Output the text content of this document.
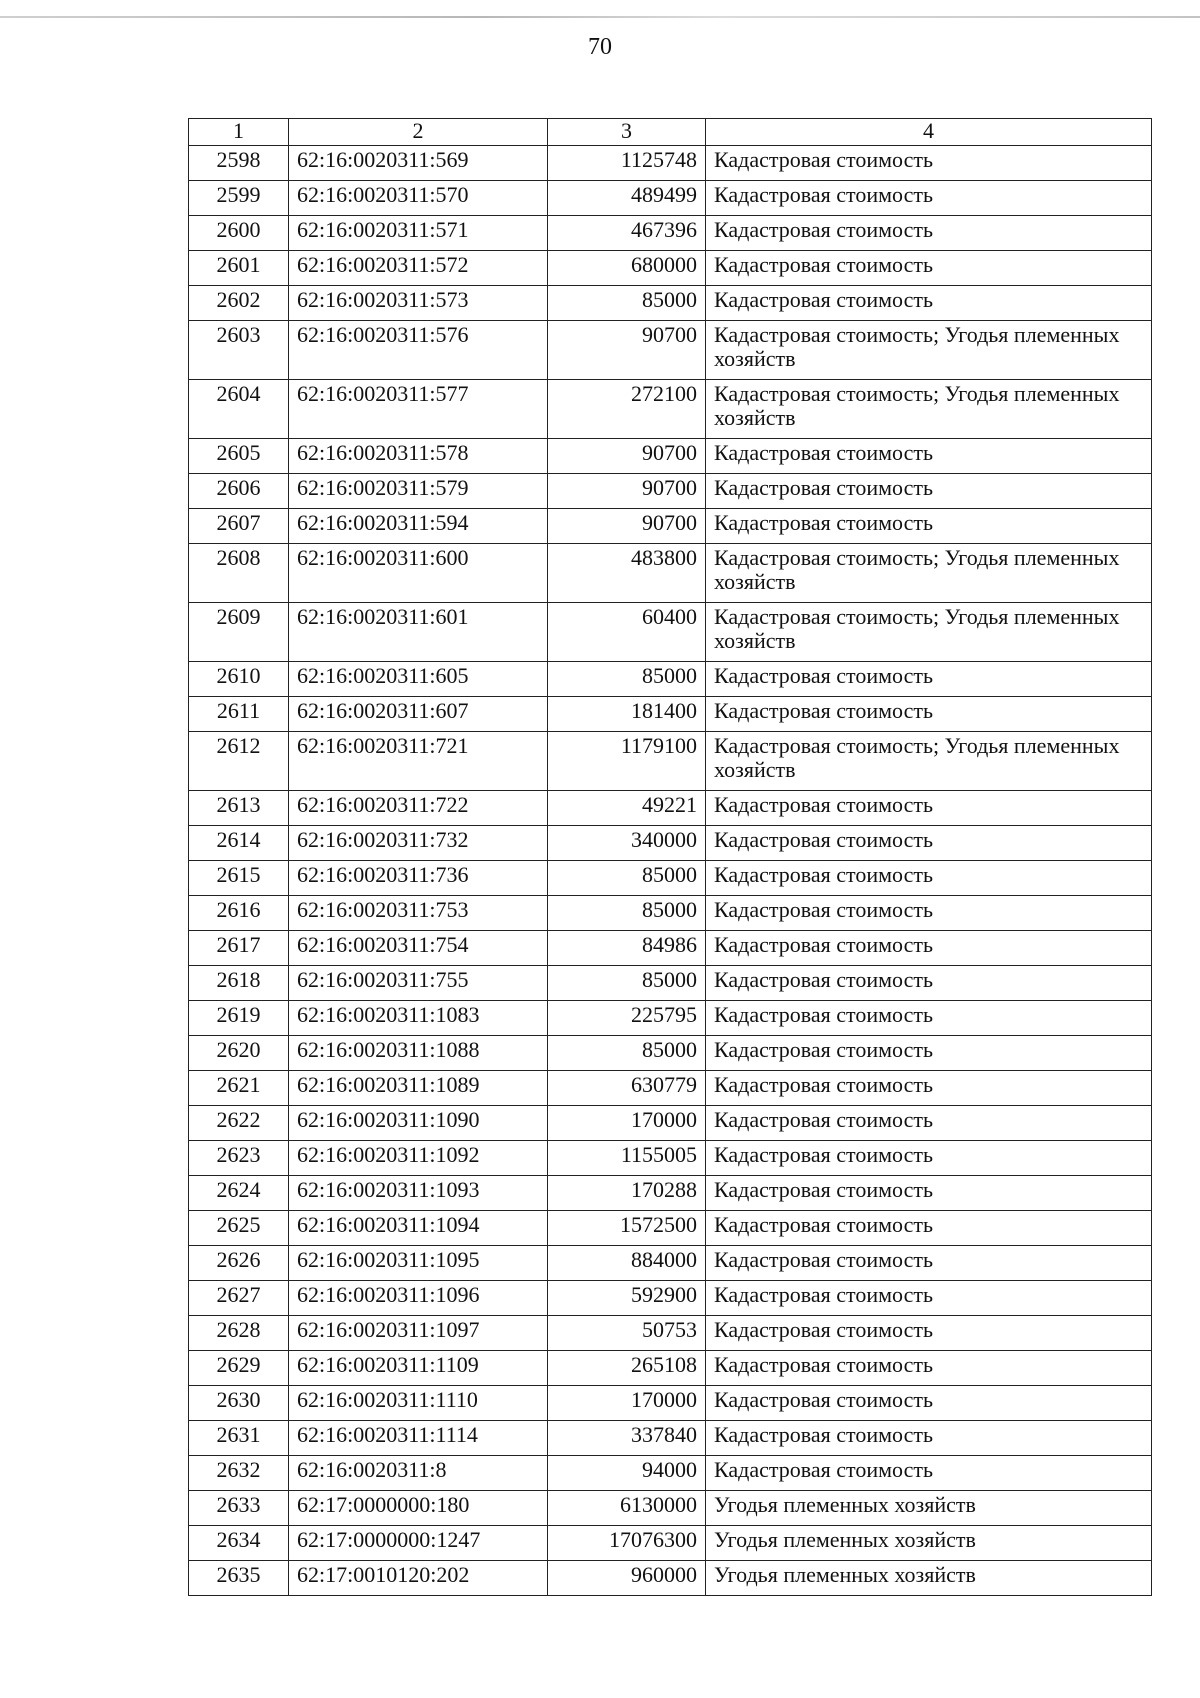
70
1	2	3	4
2598	62:16:0020311:569	1125748	Кадастровая стоимость
2599	62:16:0020311:570	489499	Кадастровая стоимость
2600	62:16:0020311:571	467396	Кадастровая стоимость
2601	62:16:0020311:572	680000	Кадастровая стоимость
2602	62:16:0020311:573	85000	Кадастровая стоимость
2603	62:16:0020311:576	90700	Кадастровая стоимость; Угодья племенных хозяйств
2604	62:16:0020311:577	272100	Кадастровая стоимость; Угодья племенных хозяйств
2605	62:16:0020311:578	90700	Кадастровая стоимость
2606	62:16:0020311:579	90700	Кадастровая стоимость
2607	62:16:0020311:594	90700	Кадастровая стоимость
2608	62:16:0020311:600	483800	Кадастровая стоимость; Угодья племенных хозяйств
2609	62:16:0020311:601	60400	Кадастровая стоимость; Угодья племенных хозяйств
2610	62:16:0020311:605	85000	Кадастровая стоимость
2611	62:16:0020311:607	181400	Кадастровая стоимость
2612	62:16:0020311:721	1179100	Кадастровая стоимость; Угодья племенных хозяйств
2613	62:16:0020311:722	49221	Кадастровая стоимость
2614	62:16:0020311:732	340000	Кадастровая стоимость
2615	62:16:0020311:736	85000	Кадастровая стоимость
2616	62:16:0020311:753	85000	Кадастровая стоимость
2617	62:16:0020311:754	84986	Кадастровая стоимость
2618	62:16:0020311:755	85000	Кадастровая стоимость
2619	62:16:0020311:1083	225795	Кадастровая стоимость
2620	62:16:0020311:1088	85000	Кадастровая стоимость
2621	62:16:0020311:1089	630779	Кадастровая стоимость
2622	62:16:0020311:1090	170000	Кадастровая стоимость
2623	62:16:0020311:1092	1155005	Кадастровая стоимость
2624	62:16:0020311:1093	170288	Кадастровая стоимость
2625	62:16:0020311:1094	1572500	Кадастровая стоимость
2626	62:16:0020311:1095	884000	Кадастровая стоимость
2627	62:16:0020311:1096	592900	Кадастровая стоимость
2628	62:16:0020311:1097	50753	Кадастровая стоимость
2629	62:16:0020311:1109	265108	Кадастровая стоимость
2630	62:16:0020311:1110	170000	Кадастровая стоимость
2631	62:16:0020311:1114	337840	Кадастровая стоимость
2632	62:16:0020311:8	94000	Кадастровая стоимость
2633	62:17:0000000:180	6130000	Угодья племенных хозяйств
2634	62:17:0000000:1247	17076300	Угодья племенных хозяйств
2635	62:17:0010120:202	960000	Угодья племенных хозяйств
